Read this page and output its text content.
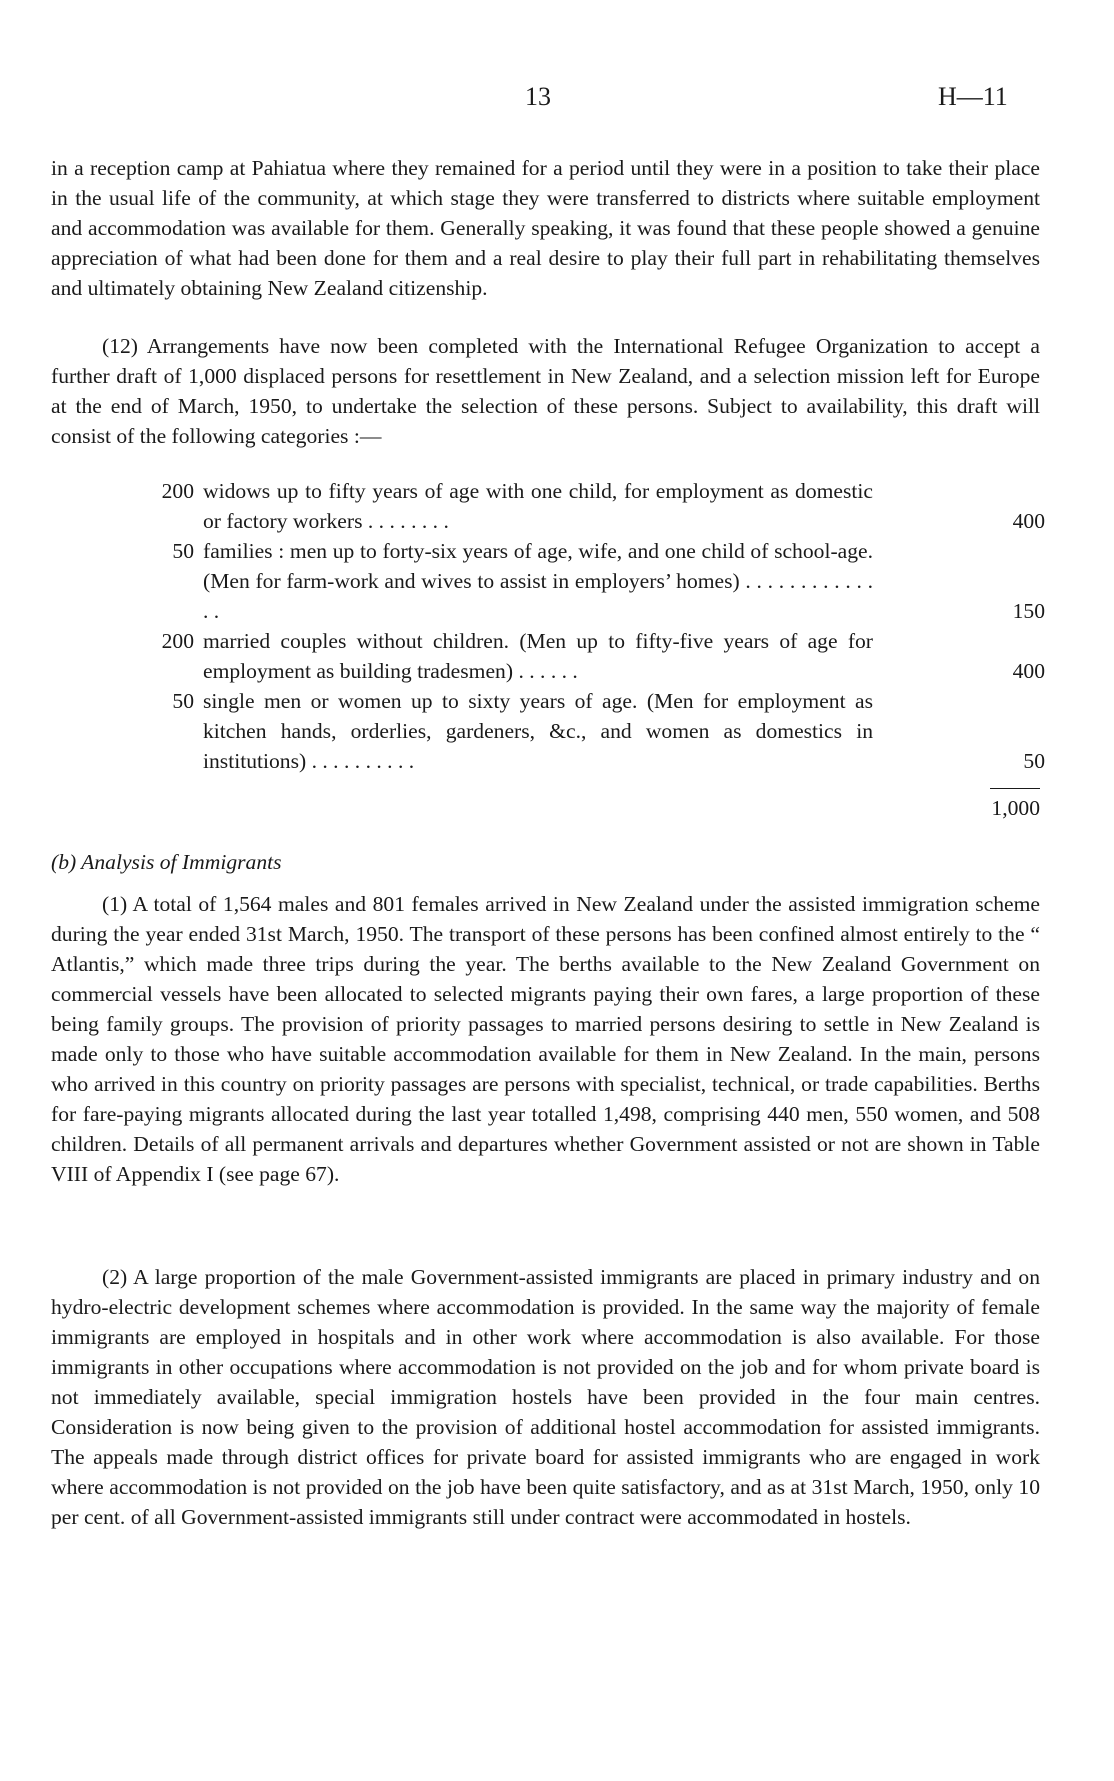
13	H—11

in a reception camp at Pahiatua where they remained for a period until they were in a position to take their place in the usual life of the community, at which stage they were transferred to districts where suitable employment and accommodation was available for them. Generally speaking, it was found that these people showed a genuine appreciation of what had been done for them and a real desire to play their full part in rehabilitating themselves and ultimately obtaining New Zealand citizenship.

(12) Arrangements have now been completed with the International Refugee Organization to accept a further draft of 1,000 displaced persons for resettlement in New Zealand, and a selection mission left for Europe at the end of March, 1950, to undertake the selection of these persons. Subject to availability, this draft will consist of the following categories :—

200 widows up to fifty years of age with one child, for employment as domestic or factory workers . . . . . . . .	400
50 families : men up to forty-six years of age, wife, and one child of school-age. (Men for farm-work and wives to assist in employers’ homes) . . . . . . . . . . . . . .	150
200 married couples without children. (Men up to fifty-five years of age for employment as building tradesmen) . . . . . .	400
50 single men or women up to sixty years of age. (Men for employment as kitchen hands, orderlies, gardeners, &c., and women as domestics in institutions) . . . . . . . . . .	50
1,000
(b) Analysis of Immigrants

(1) A total of 1,564 males and 801 females arrived in New Zealand under the assisted immigration scheme during the year ended 31st March, 1950. The transport of these persons has been confined almost entirely to the “ Atlantis,” which made three trips during the year. The berths available to the New Zealand Government on commercial vessels have been allocated to selected migrants paying their own fares, a large proportion of these being family groups. The provision of priority passages to married persons desiring to settle in New Zealand is made only to those who have suitable accommodation available for them in New Zealand. In the main, persons who arrived in this country on priority passages are persons with specialist, technical, or trade capabilities. Berths for fare-paying migrants allocated during the last year totalled 1,498, comprising 440 men, 550 women, and 508 children. Details of all permanent arrivals and departures whether Government assisted or not are shown in Table VIII of Appendix I (see page 67).

(2) A large proportion of the male Government-assisted immigrants are placed in primary industry and on hydro-electric development schemes where accommodation is provided. In the same way the majority of female immigrants are employed in hospitals and in other work where accommodation is also available. For those immigrants in other occupations where accommodation is not provided on the job and for whom private board is not immediately available, special immigration hostels have been provided in the four main centres. Consideration is now being given to the provision of additional hostel accommodation for assisted immigrants. The appeals made through district offices for private board for assisted immigrants who are engaged in work where accommodation is not provided on the job have been quite satisfactory, and as at 31st March, 1950, only 10 per cent. of all Government-assisted immigrants still under contract were accommodated in hostels.
